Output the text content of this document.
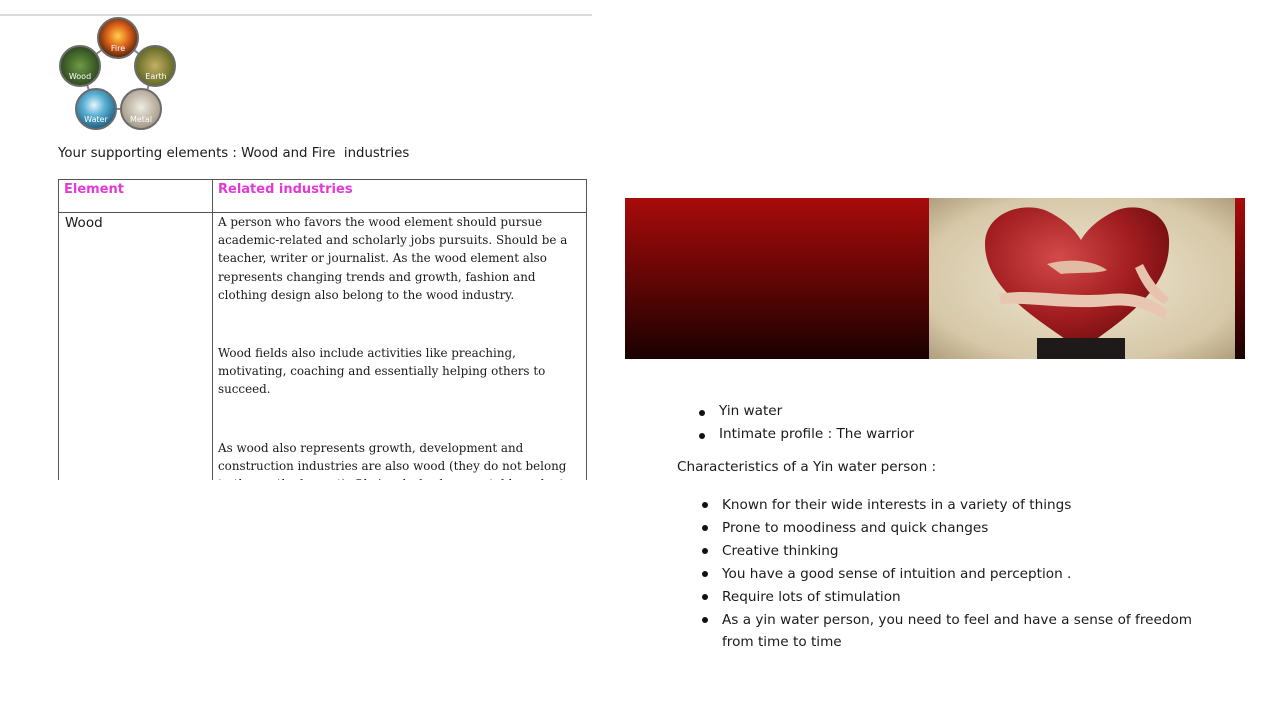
Fire
Wood	Earth
Water	Metal
Your supporting elements : Wood and Fire  industries
Element	Related industries
Wood	A person who favors the wood element should pursue academic-related and scholarly jobs pursuits. Should be a teacher, writer or journalist. As the wood element also represents changing trends and growth, fashion and clothing design also belong to the wood industry.

Wood fields also include activities like preaching, motivating, coaching and essentially helping others to succeed.

As wood also represents growth, development and construction industries are also wood (they do not belong

Yin water
Intimate profile : The warrior
Characteristics of a Yin water person :
Known for their wide interests in a variety of things
Prone to moodiness and quick changes
Creative thinking
You have a good sense of intuition and perception .
Require lots of stimulation
As a yin water person, you need to feel and have a sense of freedom from time to time
